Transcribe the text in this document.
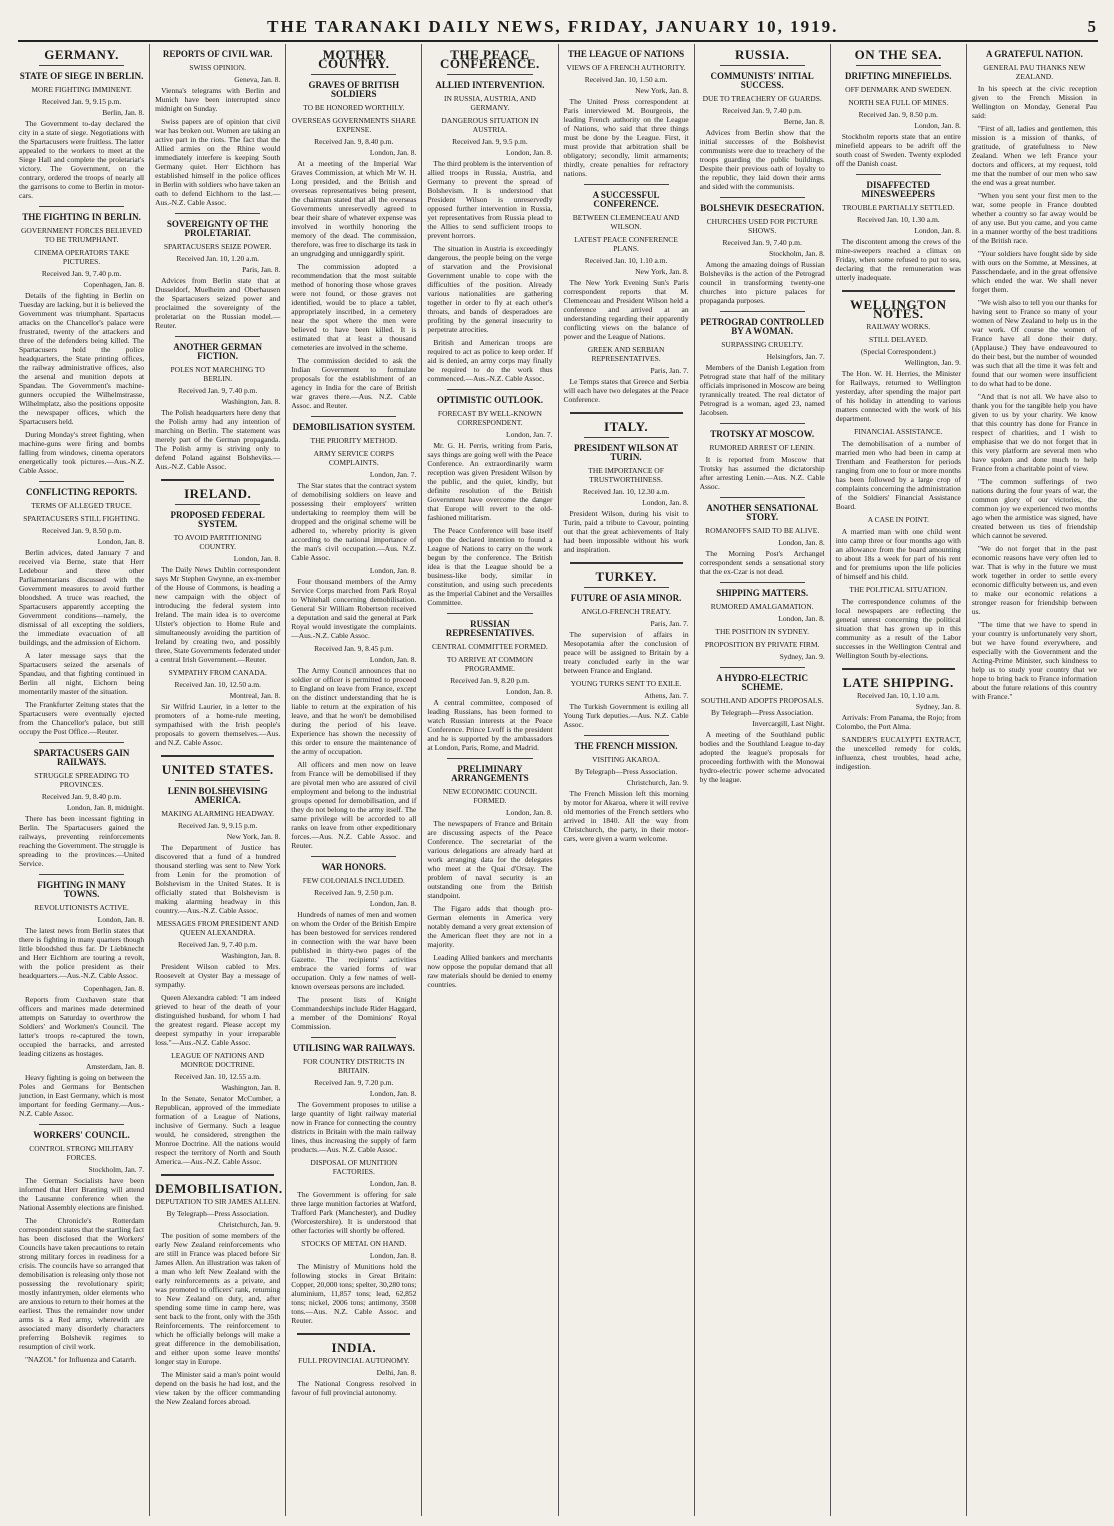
THE TARANAKI DAILY NEWS, FRIDAY, JANUARY 10, 1919.	5
GERMANY.
STATE OF SIEGE IN BERLIN.
MORE FIGHTING IMMINENT.
Received Jan. 9, 9.15 p.m.
Berlin, Jan. 8.
The Government to-day declared the city in a state of siege. Negotiations with the Spartacusers were fruitless. The latter appealed to the workers to meet at the Siege Hall and complete the proletariat's victory. The Government, on the contrary, ordered the troops of nearly all the garrisons to come to Berlin in motor-cars.
THE FIGHTING IN BERLIN.
GOVERNMENT FORCES BELIEVED TO BE TRIUMPHANT.
CINEMA OPERATORS TAKE PICTURES.
Received Jan. 9, 7.40 p.m.
Copenhagen, Jan. 8.
Details of the fighting in Berlin on Tuesday are lacking, but it is believed the Government was triumphant. Spartacus attacks on the Chancellor's palace were frustrated, twenty of the attackers and three of the defenders being killed. The Spartacusers hold the police headquarters, the State printing offices, the railway administrative offices, also the arsenal and munition depots at Spandau. The Government's machine-gunners occupied the Wilhelmstrasse, Wilhelmplatz, also the positions opposite the newspaper offices, which the Spartacusers held.
During Monday's street fighting, when machine-guns were firing and bombs falling from windows, cinema operators energetically took pictures.—Aus.-N.Z. Cable Assoc.
CONFLICTING REPORTS.
TERMS OF ALLEGED TRUCE.
SPARTACUSERS STILL FIGHTING.
Received Jan. 9, 8.50 p.m.
London, Jan. 8.
Berlin advices, dated January 7 and received via Berne, state that Herr Ledebour and three other Parliamentarians discussed with the Government measures to avoid further bloodshed. A truce was reached, the Spartacusers apparently accepting the Government conditions—namely, the dismissal of all excepting the soldiers, the immediate evacuation of all buildings, and the admission of Eichorn.
A later message says that the Spartacusers seized the arsenals of Spandau, and that fighting continued in Berlin all night, Eichorn being momentarily master of the situation.
The Frankfurter Zeitung states that the Spartacusers were eventually ejected from the Chancellor's palace, but still occupy the Post Office.—Reuter.
SPARTACUSERS GAIN RAILWAYS.
STRUGGLE SPREADING TO PROVINCES.
Received Jan. 9, 8.40 p.m.
London, Jan. 8, midnight.
There has been incessant fighting in Berlin. The Spartacusers gained the railways, preventing reinforcements reaching the Government. The struggle is spreading to the provinces.—United Service.
FIGHTING IN MANY TOWNS.
REVOLUTIONISTS ACTIVE.
London, Jan. 8.
The latest news from Berlin states that there is fighting in many quarters though little bloodshed thus far. Dr Liebknecht and Herr Eichhorn are touring a revolt, with the police president as their headquarters.—Aus.-N.Z. Cable Assoc.
Copenhagen, Jan. 8.
Reports from Cuxhaven state that officers and marines made determined attempts on Saturday to overthrow the Soldiers' and Workmen's Council. The latter's troops re-captured the town, occupied the barracks, and arrested leading citizens as hostages.
Amsterdam, Jan. 8.
Heavy fighting is going on between the Poles and Germans for Bentschen junction, in East Germany, which is most important for feeding Germany.—Aus.-N.Z. Cable Assoc.
WORKERS' COUNCIL.
CONTROL STRONG MILITARY FORCES.
Stockholm, Jan. 7.
The German Socialists have been informed that Herr Branting will attend the Lausanne conference when the National Assembly elections are finished.
The Chronicle's Rotterdam correspondent states that the startling fact has been disclosed that the Workers' Councils have taken precautions to retain strong military forces in readiness for a crisis. The councils have so arranged that demobilisation is releasing only those not possessing the revolutionary spirit; mostly infantrymen, older elements who are anxious to return to their homes at the earliest. Thus the remainder now under arms is a Red army, wherewith are associated many disorderly characters preferring Bolshevik regimes to resumption of civil work.
"NAZOL" for Influenza and Catarrh.
REPORTS OF CIVIL WAR.
SWISS OPINION.
Geneva, Jan. 8.
Vienna's telegrams with Berlin and Munich have been interrupted since midnight on Sunday.
Swiss papers are of opinion that civil war has broken out. Women are taking an active part in the riots. The fact that the Allied armies on the Rhine would immediately interfere is keeping South Germany quiet. Herr Eichhorn has established himself in the police offices in Berlin with soldiers who have taken an oath to defend Eichhorn to the last.—Aus.-N.Z. Cable Assoc.
SOVEREIGNTY OF THE PROLETARIAT.
SPARTACUSERS SEIZE POWER.
Received Jan. 10, 1.20 a.m.
Paris, Jan. 8.
Advices from Berlin state that at Dusseldorf, Muelheim and Oberhausen the Spartacusers seized power and proclaimed the sovereignty of the proletariat on the Russian model.—Reuter.
ANOTHER GERMAN FICTION.
POLES NOT MARCHING TO BERLIN.
Received Jan. 9, 7.40 p.m.
Washington, Jan. 8.
The Polish headquarters here deny that the Polish army had any intention of marching on Berlin. The statement was merely part of the German propaganda. The Polish army is striving only to defend Poland against Bolsheviks.—Aus.-N.Z. Cable Assoc.
IRELAND.
PROPOSED FEDERAL SYSTEM.
TO AVOID PARTITIONING COUNTRY.
London, Jan. 8.
The Daily News Dublin correspondent says Mr Stephen Gwynne, an ex-member of the House of Commons, is heading a new campaign with the object of introducing the federal system into Ireland. The main idea is to overcome Ulster's objection to Home Rule and simultaneously avoiding the partition of Ireland by creating two, and possibly three, State Governments federated under a central Irish Government.—Reuter.
SYMPATHY FROM CANADA.
Received Jan. 10, 12.50 a.m.
Montreal, Jan. 8.
Sir Wilfrid Laurier, in a letter to the promoters of a home-rule meeting, sympathised with the Irish people's proposals to govern themselves.—Aus. and N.Z. Cable Assoc.
UNITED STATES.
LENIN BOLSHEVISING AMERICA.
MAKING ALARMING HEADWAY.
Received Jan. 9, 9.15 p.m.
New York, Jan. 8.
The Department of Justice has discovered that a fund of a hundred thousand sterling was sent to New York from Lenin for the promotion of Bolshevism in the United States. It is officially stated that Bolshevism is making alarming headway in this country.—Aus.-N.Z. Cable Assoc.
MESSAGES FROM PRESIDENT AND QUEEN ALEXANDRA.
Received Jan. 9, 7.40 p.m.
Washington, Jan. 8.
President Wilson cabled to Mrs. Roosevelt at Oyster Bay a message of sympathy.
Queen Alexandra cabled: "I am indeed grieved to hear of the death of your distinguished husband, for whom I had the greatest regard. Please accept my deepest sympathy in your irreparable loss."—Aus.-N.Z. Cable Assoc.
LEAGUE OF NATIONS AND MONROE DOCTRINE.
Received Jan. 10, 12.55 a.m.
Washington, Jan. 8.
In the Senate, Senator McCumber, a Republican, approved of the immediate formation of a League of Nations, inclusive of Germany. Such a league would, he considered, strengthen the Monroe Doctrine. All the nations would respect the territory of North and South America.—Aus.-N.Z. Cable Assoc.
DEMOBILISATION.
DEPUTATION TO SIR JAMES ALLEN.
By Telegraph—Press Association.
Christchurch, Jan. 9.
The position of some members of the early New Zealand reinforcements who are still in France was placed before Sir James Allen. An illustration was taken of a man who left New Zealand with the early reinforcements as a private, and was promoted to officers' rank, returning to New Zealand on duty, and, after spending some time in camp here, was sent back to the front, only with the 35th Reinforcements. The reinforcement to which he officially belongs will make a great difference in the demobilisation, and either upon some leave months' longer stay in Europe.
The Minister said a man's point would depend on the basis he had lost, and the view taken by the officer commanding the New Zealand forces abroad.
MOTHER COUNTRY.
GRAVES OF BRITISH SOLDIERS
TO BE HONORED WORTHILY.
OVERSEAS GOVERNMENTS SHARE EXPENSE.
Received Jan. 9, 8.40 p.m.
London, Jan. 8.
At a meeting of the Imperial War Graves Commission, at which Mr W. H. Long presided, and the British and overseas representatives being present, the chairman stated that all the overseas Governments unreservedly agreed to bear their share of whatever expense was involved in worthily honoring the memory of the dead. The commission, therefore, was free to discharge its task in an ungrudging and unniggardly spirit.
The commission adopted a recommendation that the most suitable method of honoring those whose graves were not found, or those graves not identified, would be to place a tablet, appropriately inscribed, in a cemetery near the spot where the men were believed to have been killed. It is estimated that at least a thousand cemeteries are involved in the scheme.
The commission decided to ask the Indian Government to formulate proposals for the establishment of an agency in India for the care of British war graves there.—Aus. N.Z. Cable Assoc. and Reuter.
DEMOBILISATION SYSTEM.
THE PRIORITY METHOD.
ARMY SERVICE CORPS COMPLAINTS.
London, Jan. 7.
The Star states that the contract system of demobilising soldiers on leave and possessing their employers' written undertaking to reemploy them will be dropped and the original scheme will be adhered to, whereby priority is given according to the national importance of the man's civil occupation.—Aus. N.Z. Cable Assoc.
London, Jan. 8.
Four thousand members of the Army Service Corps marched from Park Royal to Whitehall concerning demobilisation. General Sir William Robertson received a deputation and said the general at Park Royal would investigate the complaints.—Aus.-N.Z. Cable Assoc.
Received Jan. 9, 8.45 p.m.
London, Jan. 8.
The Army Council announces that no soldier or officer is permitted to proceed to England on leave from France, except on the distinct understanding that he is liable to return at the expiration of his leave, and that he won't be demobilised during the period of his leave. Experience has shown the necessity of this order to ensure the maintenance of the army of occupation.
All officers and men now on leave from France will be demobilised if they are pivotal men who are assured of civil employment and belong to the industrial groups opened for demobilisation, and if they do not belong to the army itself. The same privilege will be accorded to all ranks on leave from other expeditionary forces.—Aus. N.Z. Cable Assoc. and Reuter.
WAR HONORS.
FEW COLONIALS INCLUDED.
Received Jan. 9, 2.50 p.m.
London, Jan. 8.
Hundreds of names of men and women on whom the Order of the British Empire has been bestowed for services rendered in connection with the war have been published in thirty-two pages of the Gazette. The recipients' activities embrace the varied forms of war occupation. Only a few names of well-known overseas persons are included.
The present lists of Knight Commanderships include Rider Haggard, a member of the Dominions' Royal Commission.
UTILISING WAR RAILWAYS.
FOR COUNTRY DISTRICTS IN BRITAIN.
Received Jan. 9, 7.20 p.m.
London, Jan. 8.
The Government proposes to utilise a large quantity of light railway material now in France for connecting the country districts in Britain with the main railway lines, thus increasing the supply of farm products.—Aus. N.Z. Cable Assoc.
DISPOSAL OF MUNITION FACTORIES.
London, Jan. 8.
The Government is offering for sale three large munition factories at Watford, Trafford Park (Manchester), and Dudley (Worcestershire). It is understood that other factories will shortly be offered.
STOCKS OF METAL ON HAND.
London, Jan. 8.
The Ministry of Munitions hold the following stocks in Great Britain: Copper, 20,000 tons; spelter, 30,280 tons; aluminium, 11,857 tons; lead, 62,852 tons; nickel, 2006 tons; antimony, 3508 tons.—Aus. N.Z. Cable Assoc. and Reuter.
INDIA.
FULL PROVINCIAL AUTONOMY.
Delhi, Jan. 8.
The National Congress resolved in favour of full provincial autonomy.
THE PEACE CONFERENCE.
ALLIED INTERVENTION.
IN RUSSIA, AUSTRIA, AND GERMANY.
DANGEROUS SITUATION IN AUSTRIA.
Received Jan. 9, 9.5 p.m.
London, Jan. 8.
The third problem is the intervention of allied troops in Russia, Austria, and Germany to prevent the spread of Bolshevism. It is understood that President Wilson is unreservedly opposed further intervention in Russia, yet representatives from Russia plead to the Allies to send sufficient troops to prevent horrors.
The situation in Austria is exceedingly dangerous, the people being on the verge of starvation and the Provisional Government unable to cope with the difficulties of the position. Already various nationalities are gathering together in order to fly at each other's throats, and bands of desperadoes are profiting by the general insecurity to perpetrate atrocities.
British and American troops are required to act as police to keep order. If aid is denied, an army corps may finally be required to do the work thus commenced.—Aus.-N.Z. Cable Assoc.
OPTIMISTIC OUTLOOK.
FORECAST BY WELL-KNOWN CORRESPONDENT.
London, Jan. 7.
Mr. G. H. Perris, writing from Paris, says things are going well with the Peace Conference. An extraordinarily warm reception was given President Wilson by the public, and the quiet, kindly, but definite resolution of the British Government have overcome the danger that Europe will revert to the old-fashioned militarism.
The Peace Conference will base itself upon the declared intention to found a League of Nations to carry on the work begun by the conference. The British idea is that the League should be a business-like body, similar in constitution, and using such precedents as the Imperial Cabinet and the Versailles Committee.
RUSSIAN REPRESENTATIVES.
CENTRAL COMMITTEE FORMED.
TO ARRIVE AT COMMON PROGRAMME.
Received Jan. 9, 8.20 p.m.
London, Jan. 8.
A central committee, composed of leading Russians, has been formed to watch Russian interests at the Peace Conference. Prince Lvoff is the president and he is supported by the ambassadors at London, Paris, Rome, and Madrid.
PRELIMINARY ARRANGEMENTS
NEW ECONOMIC COUNCIL FORMED.
London, Jan. 8.
The newspapers of France and Britain are discussing aspects of the Peace Conference. The secretariat of the various delegations are already hard at work arranging data for the delegates who meet at the Quai d'Orsay. The problem of naval security is an outstanding one from the British standpoint.
The Figaro adds that though pro-German elements in America very notably demand a very great extension of the American fleet they are not in a majority.
Leading Allied bankers and merchants now oppose the popular demand that all raw materials should be denied to enemy countries.
THE LEAGUE OF NATIONS
VIEWS OF A FRENCH AUTHORITY.
Received Jan. 10, 1.50 a.m.
New York, Jan. 8.
The United Press correspondent at Paris interviewed M. Bourgeois, the leading French authority on the League of Nations, who said that three things must be done by the League. First, it must provide that arbitration shall be obligatory; secondly, limit armaments; thirdly, create penalties for refractory nations.
A SUCCESSFUL CONFERENCE.
BETWEEN CLEMENCEAU AND WILSON.
LATEST PEACE CONFERENCE PLANS.
Received Jan. 10, 1.10 a.m.
New York, Jan. 8.
The New York Evening Sun's Paris correspondent reports that M. Clemenceau and President Wilson held a conference and arrived at an understanding regarding their apparently conflicting views on the balance of power and the League of Nations.
GREEK AND SERBIAN REPRESENTATIVES.
Paris, Jan. 7.
Le Temps states that Greece and Serbia will each have two delegates at the Peace Conference.
ITALY.
PRESIDENT WILSON AT TURIN.
THE IMPORTANCE OF TRUSTWORTHINESS.
Received Jan. 10, 12.30 a.m.
London, Jan. 8.
President Wilson, during his visit to Turin, paid a tribute to Cavour, pointing out that the great achievements of Italy had been impossible without his work and inspiration.
TURKEY.
FUTURE OF ASIA MINOR.
ANGLO-FRENCH TREATY.
Paris, Jan. 7.
The supervision of affairs in Mesopotamia after the conclusion of peace will be assigned to Britain by a treaty concluded early in the war between France and England.
YOUNG TURKS SENT TO EXILE.
Athens, Jan. 7.
The Turkish Government is exiling all Young Turk deputies.—Aus. N.Z. Cable Assoc.
THE FRENCH MISSION.
VISITING AKAROA.
By Telegraph—Press Association.
Christchurch, Jan. 9.
The French Mission left this morning by motor for Akaroa, where it will revive old memories of the French settlers who arrived in 1840. All the way from Christchurch, the party, in their motor-cars, were given a warm welcome.
RUSSIA.
COMMUNISTS' INITIAL SUCCESS.
DUE TO TREACHERY OF GUARDS.
Received Jan. 9, 7.40 p.m.
Berne, Jan. 8.
Advices from Berlin show that the initial successes of the Bolshevist communists were due to treachery of the troops guarding the public buildings. Despite their previous oath of loyalty to the republic, they laid down their arms and sided with the communists.
BOLSHEVIK DESECRATION.
CHURCHES USED FOR PICTURE SHOWS.
Received Jan. 9, 7.40 p.m.
Stockholm, Jan. 8.
Among the amazing doings of Russian Bolsheviks is the action of the Petrograd council in transforming twenty-one churches into picture palaces for propaganda purposes.
PETROGRAD CONTROLLED BY A WOMAN.
SURPASSING CRUELTY.
Helsingfors, Jan. 7.
Members of the Danish Legation from Petrograd state that half of the military officials imprisoned in Moscow are being tyrannically treated. The real dictator of Petrograd is a woman, aged 23, named Jacobsen.
TROTSKY AT MOSCOW.
RUMORED ARREST OF LENIN.
It is reported from Moscow that Trotsky has assumed the dictatorship after arresting Lenin.—Aus. N.Z. Cable Assoc.
ANOTHER SENSATIONAL STORY.
ROMANOFFS SAID TO BE ALIVE.
London, Jan. 8.
The Morning Post's Archangel correspondent sends a sensational story that the ex-Czar is not dead.
SHIPPING MATTERS.
RUMORED AMALGAMATION.
London, Jan. 8.
THE POSITION IN SYDNEY.
PROPOSITION BY PRIVATE FIRM.
Sydney, Jan. 9.
A HYDRO-ELECTRIC SCHEME.
SOUTHLAND ADOPTS PROPOSALS.
By Telegraph—Press Association.
Invercargill, Last Night.
A meeting of the Southland public bodies and the Southland League to-day adopted the league's proposals for proceeding forthwith with the Monowai hydro-electric power scheme advocated by the league.
ON THE SEA.
DRIFTING MINEFIELDS.
OFF DENMARK AND SWEDEN.
NORTH SEA FULL OF MINES.
Received Jan. 9, 8.50 p.m.
London, Jan. 8.
Stockholm reports state that an entire minefield appears to be adrift off the south coast of Sweden. Twenty exploded off the Danish coast.
DISAFFECTED MINESWEEPERS
TROUBLE PARTIALLY SETTLED.
Received Jan. 10, 1.30 a.m.
London, Jan. 8.
The discontent among the crews of the mine-sweepers reached a climax on Friday, when some refused to put to sea, declaring that the remuneration was utterly inadequate.
WELLINGTON NOTES.
RAILWAY WORKS.
STILL DELAYED.
(Special Correspondent.)
Wellington, Jan. 9.
The Hon. W. H. Herries, the Minister for Railways, returned to Wellington yesterday, after spending the major part of his holiday in attending to various matters connected with the work of his department.
FINANCIAL ASSISTANCE.
The demobilisation of a number of married men who had been in camp at Trentham and Featherston for periods ranging from one to four or more months has been followed by a large crop of complaints concerning the administration of the Soldiers' Financial Assistance Board.
A CASE IN POINT.
A married man with one child went into camp three or four months ago with an allowance from the board amounting to about 18s a week for part of his rent and for premiums upon the life policies of himself and his child.
THE POLITICAL SITUATION.
The correspondence columns of the local newspapers are reflecting the general unrest concerning the political situation that has grown up in this community as a result of the Labor successes in the Wellington Central and Wellington South by-elections.
LATE SHIPPING.
Received Jan. 10, 1.10 a.m.
Sydney, Jan. 8.
Arrivals: From Panama, the Rojo; from Colombo, the Port Alma.
SANDER'S EUCALYPTI EXTRACT, the unexcelled remedy for colds, influenza, chest troubles, head ache, indigestion.
A GRATEFUL NATION.
GENERAL PAU THANKS NEW ZEALAND.
In his speech at the civic reception given to the French Mission in Wellington on Monday, General Pau said:
"First of all, ladies and gentlemen, this mission is a mission of thanks, of gratitude, of gratefulness to New Zealand. When we left France your doctors and officers, at my request, told me that the number of our men who saw the end was a great number.
"When you sent your first men to the war, some people in France doubted whether a country so far away would be of any use. But you came, and you came in a manner worthy of the best traditions of the British race.
"Your soldiers have fought side by side with ours on the Somme, at Messines, at Passchendaele, and in the great offensive which ended the war. We shall never forget them.
"We wish also to tell you our thanks for having sent to France so many of your women of New Zealand to help us in the war work. Of course the women of France have all done their duty. (Applause.) They have endeavoured to do their best, but the number of wounded was such that all the time it was felt and found that our women were insufficient to do what had to be done.
"And that is not all. We have also to thank you for the tangible help you have given to us by your charity. We know that this country has done for France in respect of charities, and I wish to emphasise that we do not forget that in this very platform are several men who have spoken and done much to help France from a charitable point of view.
"The common sufferings of two nations during the four years of war, the common glory of our victories, the common joy we experienced two months ago when the armistice was signed, have created between us ties of friendship which cannot be severed.
"We do not forget that in the past economic reasons have very often led to war. That is why in the future we must work together in order to settle every economic difficulty between us, and even to make our economic relations a stronger reason for friendship between us.
"The time that we have to spend in your country is unfortunately very short, but we have found everywhere, and especially with the Government and the Acting-Prime Minister, such kindness to help us to study your country that we hope to bring back to France information about the future relations of this country with France."
